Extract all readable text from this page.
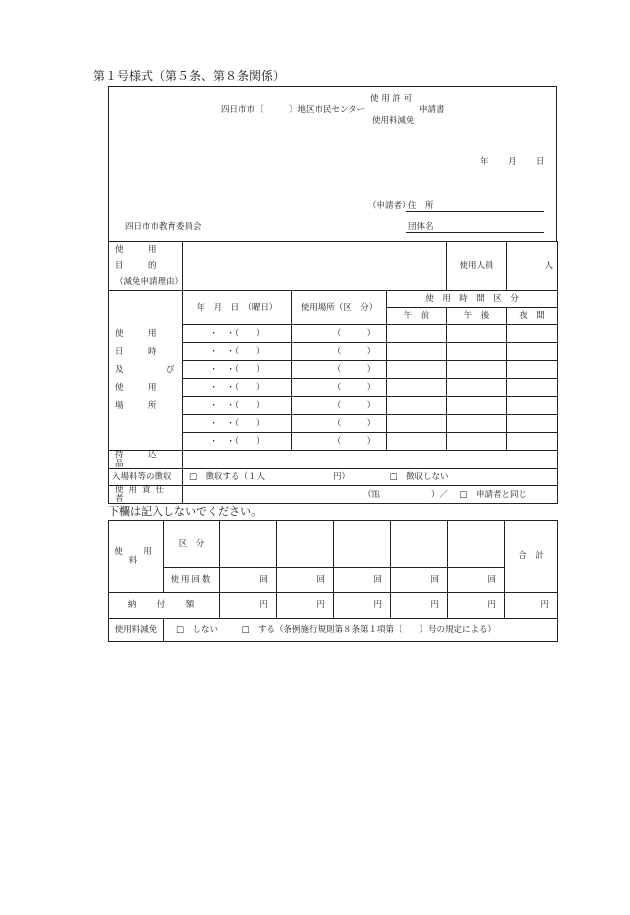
第１号様式（第５条、第８条関係）
使 用 許 可
四日市市〔　　　〕地区市民センター	申請書
使用料減免
年 月 日
（申請者）
住　所
四日市市教育委員会	団体名
使　用　目　的
（減免申請理由）				使用人員	人

使　用　日　時
及　　　　　び
使　用　場　所	年　月　日　（曜日）	使用場所（区　分）	使　用　時　間　区　分		
			午　前	午　後	夜　間
	・　・（　　）	（　　　）			
	・　・（　　）	（　　　）			
	・　・（　　）	（　　　）			
	・　・（　　）	（　　　）			
	・　・（　　）	（　　　）			
	・　・（　　）	（　　　）			
	・　・（　　）	（　　　）			
持　込　品					
入場料等の徴収	□　徴収する（１人　　　　　　　　円） □　徴収しない				
使用責任者	（℡　　　　　　）／ □　申請者と同じ				
下欄は記入しないでください。
使　用　料	区　分						合　計
	使用回数	回	回	回	回	回	
納　付　額		円	円	円	円	円	円
使用料減免	□　しない □　する（条例施行規則第８条第１項第〔　　〕号の規定による）						
